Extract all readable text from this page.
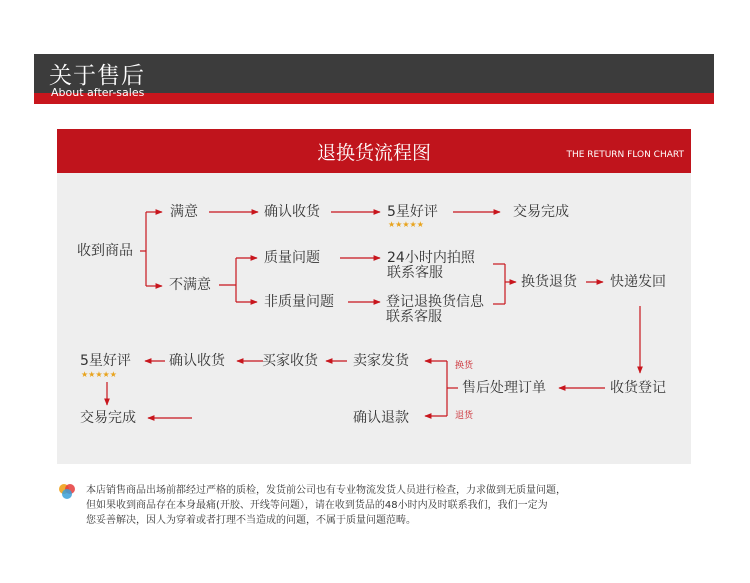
关于售后
About after-sales
退换货流程图	THE RETURN FLON CHART
收到商品
满意	确认收货	5星好评
★★★★★
交易完成
不满意
质量问题	24小时内拍照
联系客服
非质量问题	登记退换货信息
联系客服
换货退货 快递发回
收货登记
售后处理订单
换货
退货
卖家发货
买家收货
确认收货
5星好评
★★★★★
交易完成	确认退款
本店销售商品出场前都经过严格的质检，发货前公司也有专业物流发货人员进行检查，力求做到无质量问题，
但如果收到商品存在本身最痛(开胶、开线等问题），请在收到货品的48小时内及时联系我们，我们一定为
您妥善解决，因人为穿着或者打理不当造成的问题，不属于质量问题范畴。
